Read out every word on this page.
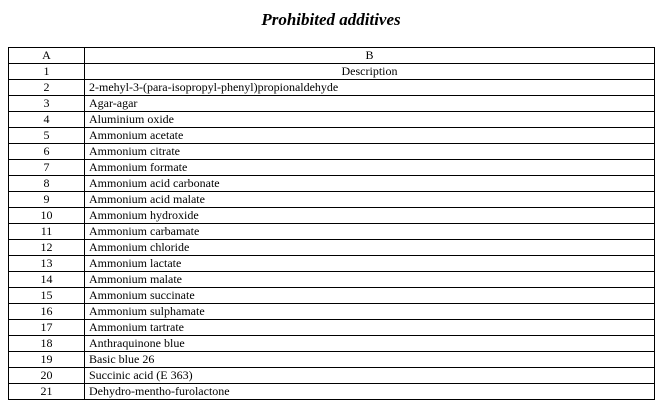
Prohibited additives
A	B
1	Description
2	2-mehyl-3-(para-isopropyl-phenyl)propionaldehyde
3	Agar-agar
4	Aluminium oxide
5	Ammonium acetate
6	Ammonium citrate
7	Ammonium formate
8	Ammonium acid carbonate
9	Ammonium acid malate
10	Ammonium hydroxide
11	Ammonium carbamate
12	Ammonium chloride
13	Ammonium lactate
14	Ammonium malate
15	Ammonium succinate
16	Ammonium sulphamate
17	Ammonium tartrate
18	Anthraquinone blue
19	Basic blue 26
20	Succinic acid (E 363)
21	Dehydro-mentho-furolactone
